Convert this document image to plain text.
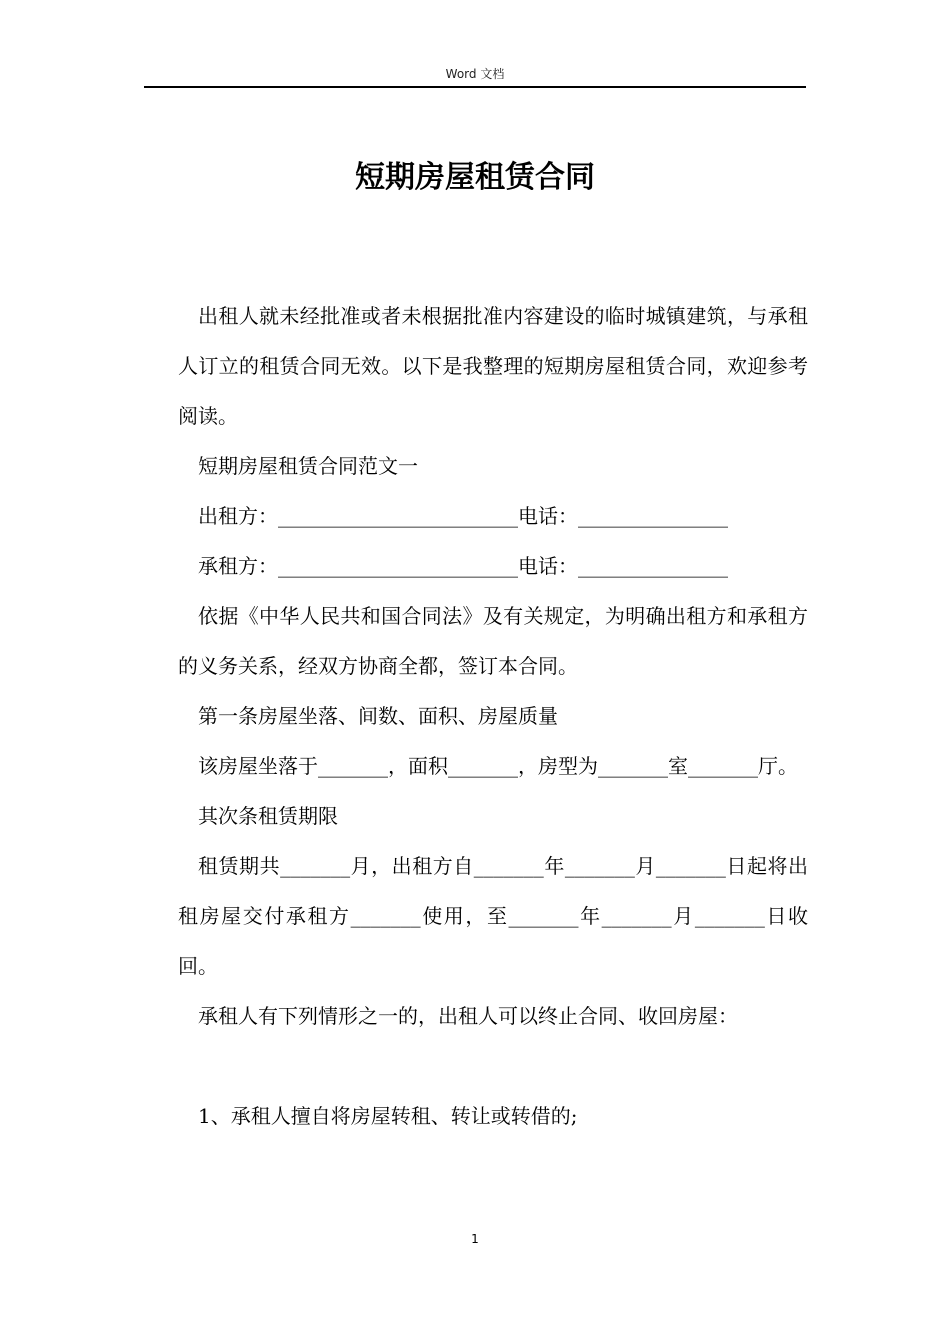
Word 文档
短期房屋租赁合同

出租人就未经批准或者未根据批准内容建设的临时城镇建筑，与承租人订立的租赁合同无效。以下是我整理的短期房屋租赁合同，欢迎参考阅读。

短期房屋租赁合同范文一

出租方：________________________电话：_______________

承租方：________________________电话：_______________

依据《中华人民共和国合同法》及有关规定，为明确出租方和承租方的义务关系，经双方协商全都，签订本合同。

第一条房屋坐落、间数、面积、房屋质量

该房屋坐落于_______，面积_______，房型为_______室_______厅。

其次条租赁期限

租赁期共_______月，出租方自_______年_______月_______日起将出租房屋交付承租方_______使用，至_______年_______月_______日收回。

承租人有下列情形之一的，出租人可以终止合同、收回房屋：

1、承租人擅自将房屋转租、转让或转借的;

1
